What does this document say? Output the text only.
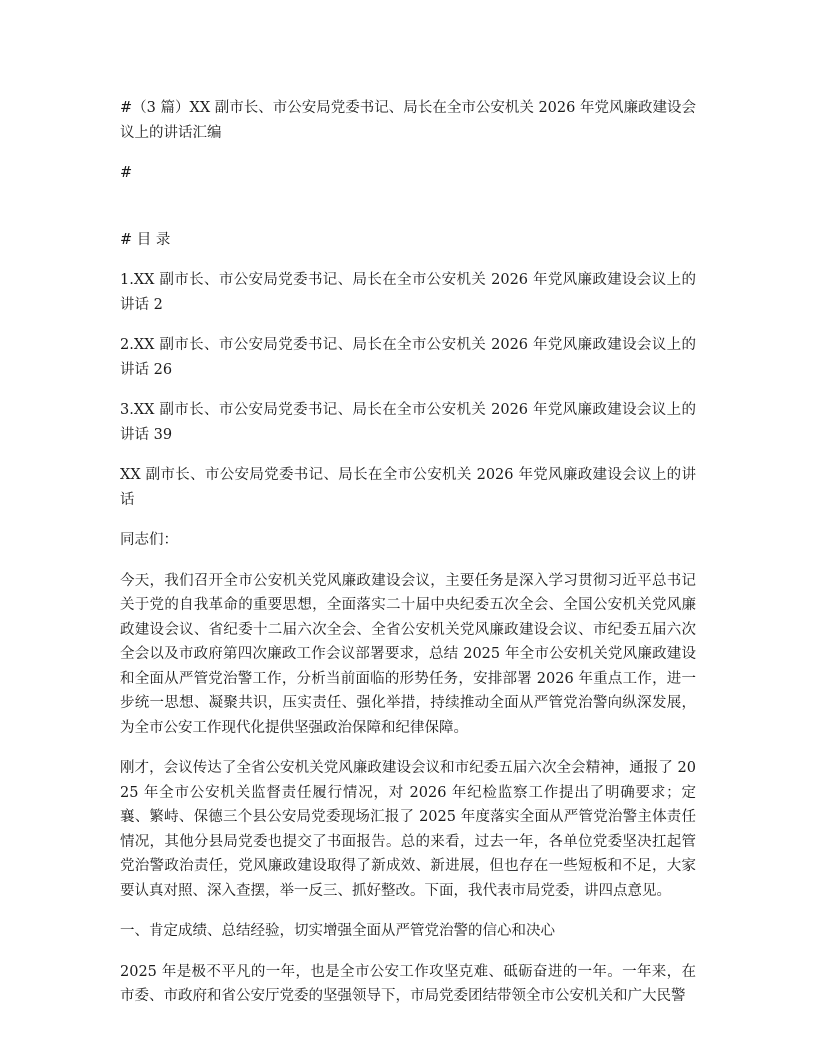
#（3 篇）XX 副市长、市公安局党委书记、局长在全市公安机关 2026 年党风廉政建设会议上的讲话汇编

#

# 目 录

1.XX 副市长、市公安局党委书记、局长在全市公安机关 2026 年党风廉政建设会议上的讲话 2

2.XX 副市长、市公安局党委书记、局长在全市公安机关 2026 年党风廉政建设会议上的讲话 26

3.XX 副市长、市公安局党委书记、局长在全市公安机关 2026 年党风廉政建设会议上的讲话 39

XX 副市长、市公安局党委书记、局长在全市公安机关 2026 年党风廉政建设会议上的讲话

同志们：

今天，我们召开全市公安机关党风廉政建设会议，主要任务是深入学习贯彻习近平总书记关于党的自我革命的重要思想，全面落实二十届中央纪委五次全会、全国公安机关党风廉政建设会议、省纪委十二届六次全会、全省公安机关党风廉政建设会议、市纪委五届六次全会以及市政府第四次廉政工作会议部署要求，总结 2025 年全市公安机关党风廉政建设和全面从严管党治警工作，分析当前面临的形势任务，安排部署 2026 年重点工作，进一步统一思想、凝聚共识，压实责任、强化举措，持续推动全面从严管党治警向纵深发展，为全市公安工作现代化提供坚强政治保障和纪律保障。

刚才，会议传达了全省公安机关党风廉政建设会议和市纪委五届六次全会精神，通报了 2025 年全市公安机关监督责任履行情况，对 2026 年纪检监察工作提出了明确要求；定襄、繁峙、保德三个县公安局党委现场汇报了 2025 年度落实全面从严管党治警主体责任情况，其他分县局党委也提交了书面报告。总的来看，过去一年，各单位党委坚决扛起管党治警政治责任，党风廉政建设取得了新成效、新进展，但也存在一些短板和不足，大家要认真对照、深入查摆，举一反三、抓好整改。下面，我代表市局党委，讲四点意见。

一、肯定成绩、总结经验，切实增强全面从严管党治警的信心和决心

2025 年是极不平凡的一年，也是全市公安工作攻坚克难、砥砺奋进的一年。一年来，在市委、市政府和省公安厅党委的坚强领导下，市局党委团结带领全市公安机关和广大民警
